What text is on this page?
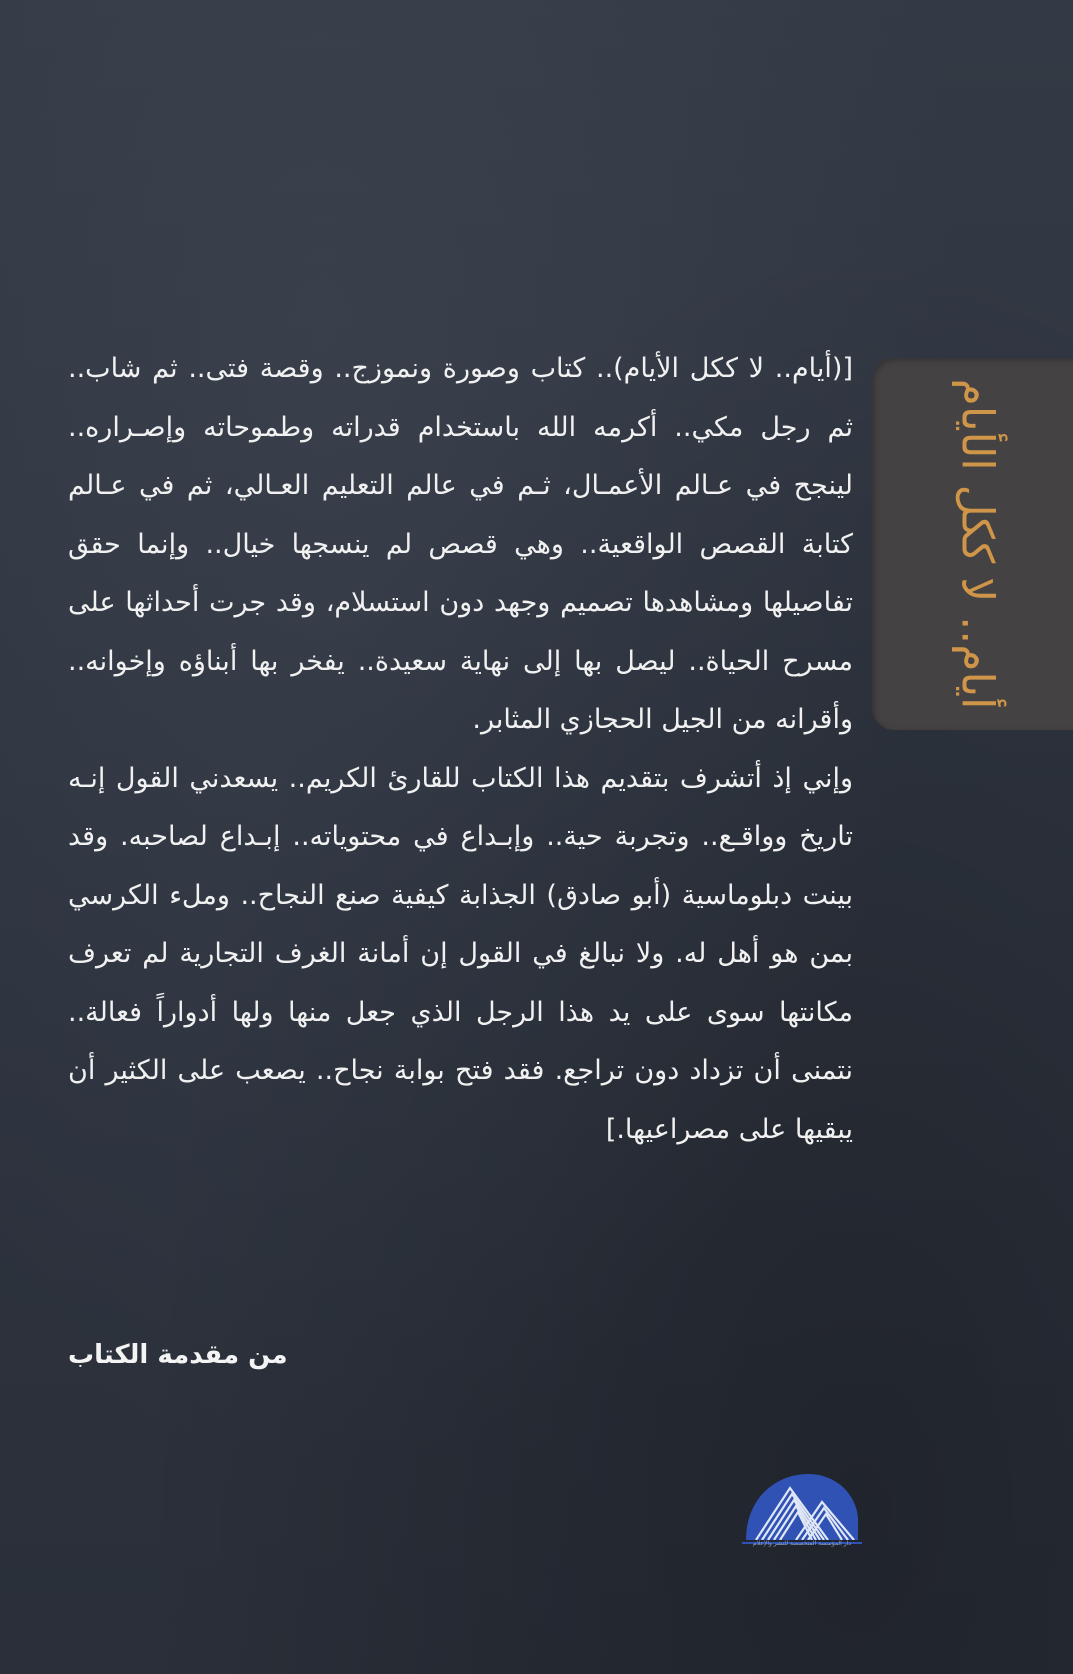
أيام.. لا ككل الأيام

[(أيام.. لا ككل الأيام).. كتاب وصورة ونموزج.. وقصة فتى.. ثم شاب.. ثم رجل مكي.. أكرمه الله باستخدام قدراته وطموحاته وإصـراره.. لينجح في عـالم الأعمـال، ثـم في عالم التعليم العـالي، ثم في عـالم كتابة القصص الواقعية.. وهي قصص لم ينسجها خيال.. وإنما حقق تفاصيلها ومشاهدها تصميم وجهد دون استسلام، وقد جرت أحداثها على مسرح الحياة.. ليصل بها إلى نهاية سعيدة.. يفخر بها أبناؤه وإخوانه.. وأقرانه من الجيل الحجازي المثابر.

وإني إذ أتشرف بتقديم هذا الكتاب للقارئ الكريم.. يسعدني القول إنـه تاريخ وواقـع.. وتجربة حية.. وإبـداع في محتوياته.. إبـداع لصاحبه. وقد بينت دبلوماسية (أبو صادق) الجذابة كيفية صنع النجاح.. وملء الكرسي بمن هو أهل له. ولا نبالغ في القول إن أمانة الغرف التجارية لم تعرف مكانتها سوى على يد هذا الرجل الذي جعل منها ولها أدواراً فعالة.. نتمنى أن تزداد دون تراجع. فقد فتح بوابة نجاح.. يصعب على الكثير أن يبقيها على مصراعيها.]

من مقدمة الكتاب
دار المؤسسة المتخصصة للنشر والإعلام
